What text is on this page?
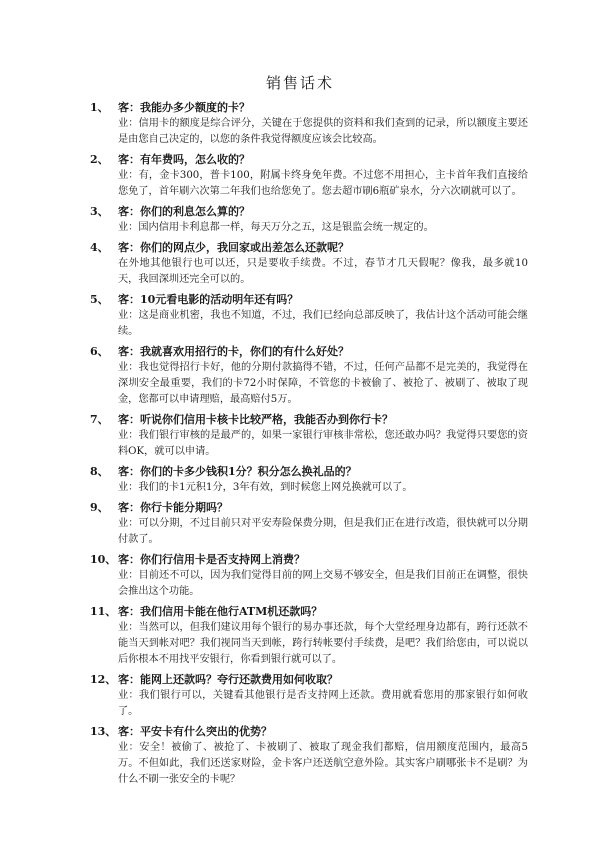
销售话术
1、 客：我能办多少额度的卡？

业：信用卡的额度是综合评分，关键在于您提供的资料和我们查到的记录，所以额度主要还是由您自己决定的，以您的条件我觉得额度应该会比较高。

2、 客：有年费吗，怎么收的？

业：有，金卡300，普卡100，附属卡终身免年费。不过您不用担心，主卡首年我们直接给您免了，首年刷六次第二年我们也给您免了。您去超市刷6瓶矿泉水，分六次刷就可以了。

3、 客：你们的利息怎么算的？

业：国内信用卡利息都一样，每天万分之五，这是银监会统一规定的。

4、 客：你们的网点少，我回家或出差怎么还款呢？

在外地其他银行也可以还，只是要收手续费。不过，春节才几天假呢？像我，最多就10天，我回深圳还完全可以的。

5、 客：10元看电影的活动明年还有吗？

业：这是商业机密，我也不知道，不过，我们已经向总部反映了，我估计这个活动可能会继续。

6、 客：我就喜欢用招行的卡，你们的有什么好处？

业：我也觉得招行卡好，他的分期付款搞得不错，不过，任何产品都不是完美的，我觉得在深圳安全最重要，我们的卡72小时保障，不管您的卡被偷了、被抢了、被刷了、被取了现金，您都可以申请理赔，最高赔付5万。

7、 客：听说你们信用卡核卡比较严格，我能否办到你行卡？

业：我们银行审核的是最严的，如果一家银行审核非常松，您还敢办吗？我觉得只要您的资料OK，就可以申请。

8、 客：你们的卡多少钱积1分？积分怎么换礼品的？

业：我们的卡1元积1分，3年有效，到时候您上网兑换就可以了。

9、 客：你行卡能分期吗？

业：可以分期，不过目前只对平安寿险保费分期，但是我们正在进行改造，很快就可以分期付款了。

10、 客：你们行信用卡是否支持网上消费？

业：目前还不可以，因为我们觉得目前的网上交易不够安全，但是我们目前正在调整，很快会推出这个功能。

11、 客：我们信用卡能在他行ATM机还款吗？

业：当然可以，但我们建议用每个银行的易办事还款，每个大堂经理身边都有，跨行还款不能当天到帐对吧？我们视同当天到帐，跨行转帐要付手续费，是吧？我们给您由，可以说以后你根本不用找平安银行，你看到银行就可以了。

12、 客：能网上还款吗？夸行还款费用如何收取？

业：我们银行可以，关键看其他银行是否支持网上还款。费用就看您用的那家银行如何收了。

13、 客：平安卡有什么突出的优势？

业：安全！被偷了、被抢了、卡被刷了、被取了现金我们都赔，信用额度范围内，最高5万。不但如此，我们还送家财险，金卡客户还送航空意外险。其实客户刷哪张卡不是刷？为什么不刷一张安全的卡呢？
